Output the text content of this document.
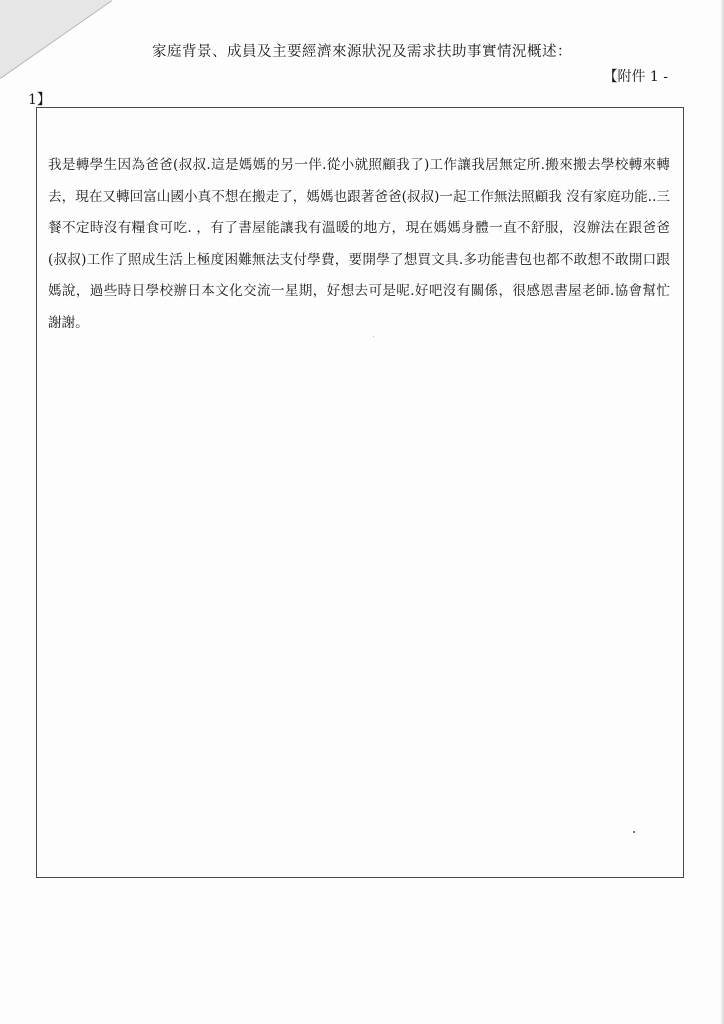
家庭背景、成員及主要經濟來源狀況及需求扶助事實情況概述：
【附件 1 -
1】
我是轉學生因為爸爸(叔叔.這是媽媽的另一伴.從小就照顧我了)工作讓我居無定所.搬來搬去學校轉來轉去，現在又轉回富山國小真不想在搬走了，媽媽也跟著爸爸(叔叔)一起工作無法照顧我 沒有家庭功能..三餐不定時沒有糧食可吃. ，有了書屋能讓我有溫暖的地方，現在媽媽身體一直不舒服，沒辦法在跟爸爸(叔叔)工作了照成生活上極度困難無法支付學費，要開學了想買文具.多功能書包也都不敢想不敢開口跟媽說，過些時日學校辦日本文化交流一星期，好想去可是呢.好吧沒有關係，很感恩書屋老師.協會幫忙 謝謝。
